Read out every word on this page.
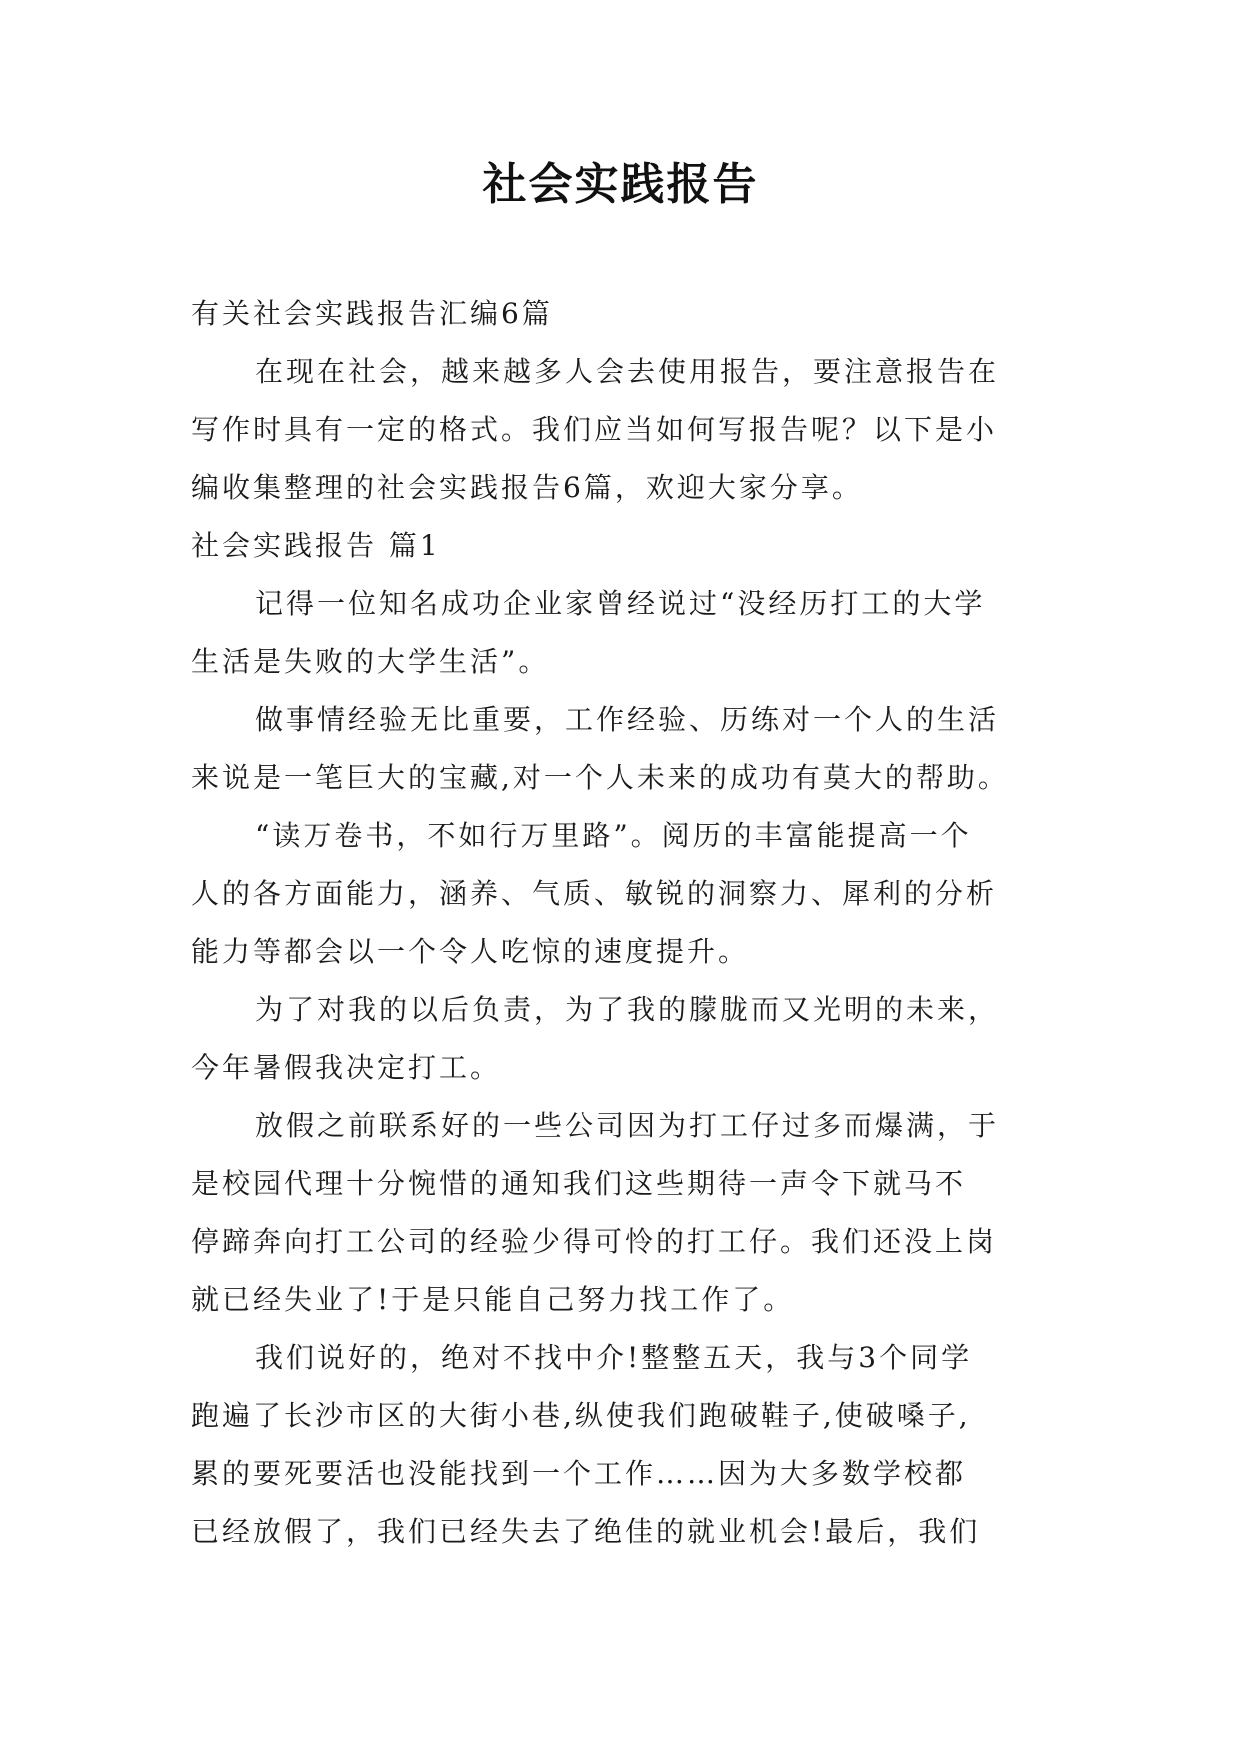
社会实践报告
有关社会实践报告汇编6篇
在现在社会，越来越多人会去使用报告，要注意报告在
写作时具有一定的格式。我们应当如何写报告呢？以下是小
编收集整理的社会实践报告6篇，欢迎大家分享。
社会实践报告 篇1
记得一位知名成功企业家曾经说过“没经历打工的大学
生活是失败的大学生活”。
做事情经验无比重要，工作经验、历练对一个人的生活
来说是一笔巨大的宝藏,对一个人未来的成功有莫大的帮助。
“读万卷书，不如行万里路”。阅历的丰富能提高一个
人的各方面能力，涵养、气质、敏锐的洞察力、犀利的分析
能力等都会以一个令人吃惊的速度提升。
为了对我的以后负责，为了我的朦胧而又光明的未来，
今年暑假我决定打工。
放假之前联系好的一些公司因为打工仔过多而爆满，于
是校园代理十分惋惜的通知我们这些期待一声令下就马不
停蹄奔向打工公司的经验少得可怜的打工仔。我们还没上岗
就已经失业了!于是只能自己努力找工作了。
我们说好的，绝对不找中介!整整五天，我与3个同学
跑遍了长沙市区的大街小巷,纵使我们跑破鞋子,使破嗓子,
累的要死要活也没能找到一个工作……因为大多数学校都
已经放假了，我们已经失去了绝佳的就业机会!最后，我们
